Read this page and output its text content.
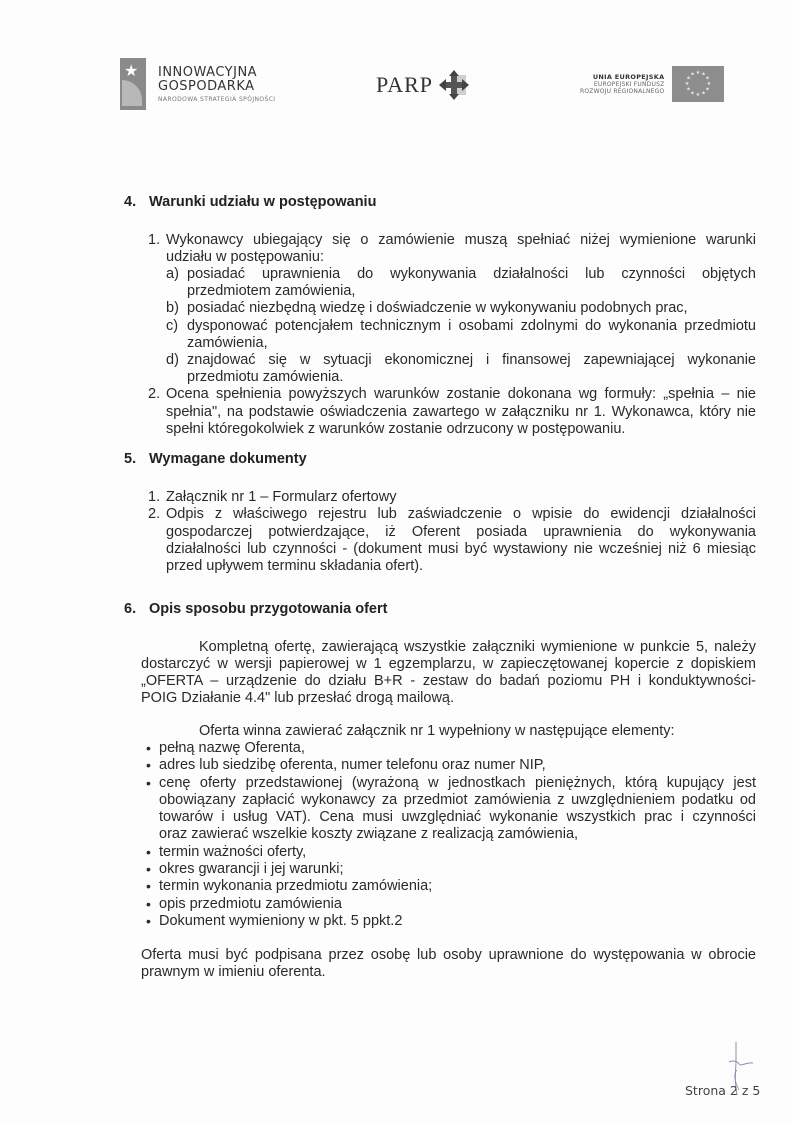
★ INNOWACYJNA
GOSPODARKA
NARODOWA STRATEGIA SPÓJNOŚCI
PARP	UNIA EUROPEJSKA
EUROPEJSKI FUNDUSZ
ROZWOJU REGIONALNEGO
★ ★
★
★
★
★
★
★
★
★
★
★
4. Warunki udziału w postępowaniu
1. Wykonawcy ubiegający się o zamówienie muszą spełniać niżej wymienione warunki
udziału w postępowaniu:
a) posiadać uprawnienia do wykonywania działalności lub czynności objętych
przedmiotem zamówienia,
b) posiadać niezbędną wiedzę i doświadczenie w wykonywaniu podobnych prac,
c) dysponować potencjałem technicznym i osobami zdolnymi do wykonania przedmiotu
zamówienia,
d) znajdować się w sytuacji ekonomicznej i finansowej zapewniającej wykonanie
przedmiotu zamówienia.
2. Ocena spełnienia powyższych warunków zostanie dokonana wg formuły: „spełnia – nie
spełnia", na podstawie oświadczenia zawartego w załączniku nr 1. Wykonawca, który nie
spełni któregokolwiek z warunków zostanie odrzucony w postępowaniu.
5. Wymagane dokumenty
1. Załącznik nr 1 – Formularz ofertowy
2. Odpis z właściwego rejestru lub zaświadczenie o wpisie do ewidencji działalności
gospodarczej potwierdzające, iż Oferent posiada uprawnienia do wykonywania
działalności lub czynności - (dokument musi być wystawiony nie wcześniej niż 6 miesiąc
przed upływem terminu składania ofert).
6. Opis sposobu przygotowania ofert
Kompletną ofertę, zawierającą wszystkie załączniki wymienione w punkcie 5, należy
dostarczyć w wersji papierowej w 1 egzemplarzu, w zapieczętowanej kopercie z dopiskiem
„OFERTA – urządzenie do działu B+R - zestaw do badań poziomu PH i konduktywności-
POIG Działanie 4.4" lub przesłać drogą mailową.
Oferta winna zawierać załącznik nr 1 wypełniony w następujące elementy:
• pełną nazwę Oferenta,
• adres lub siedzibę oferenta, numer telefonu oraz numer NIP,
• cenę oferty przedstawionej (wyrażoną w jednostkach pieniężnych, którą kupujący jest
obowiązany zapłacić wykonawcy za przedmiot zamówienia z uwzględnieniem podatku od
towarów i usług VAT). Cena musi uwzględniać wykonanie wszystkich prac i czynności
oraz zawierać wszelkie koszty związane z realizacją zamówienia,
• termin ważności oferty,
• okres gwarancji i jej warunki;
• termin wykonania przedmiotu zamówienia;
• opis przedmiotu zamówienia
• Dokument wymieniony w pkt. 5 ppkt.2
Oferta musi być podpisana przez osobę lub osoby uprawnione do występowania w obrocie
prawnym w imieniu oferenta.
Strona 2 z 5
